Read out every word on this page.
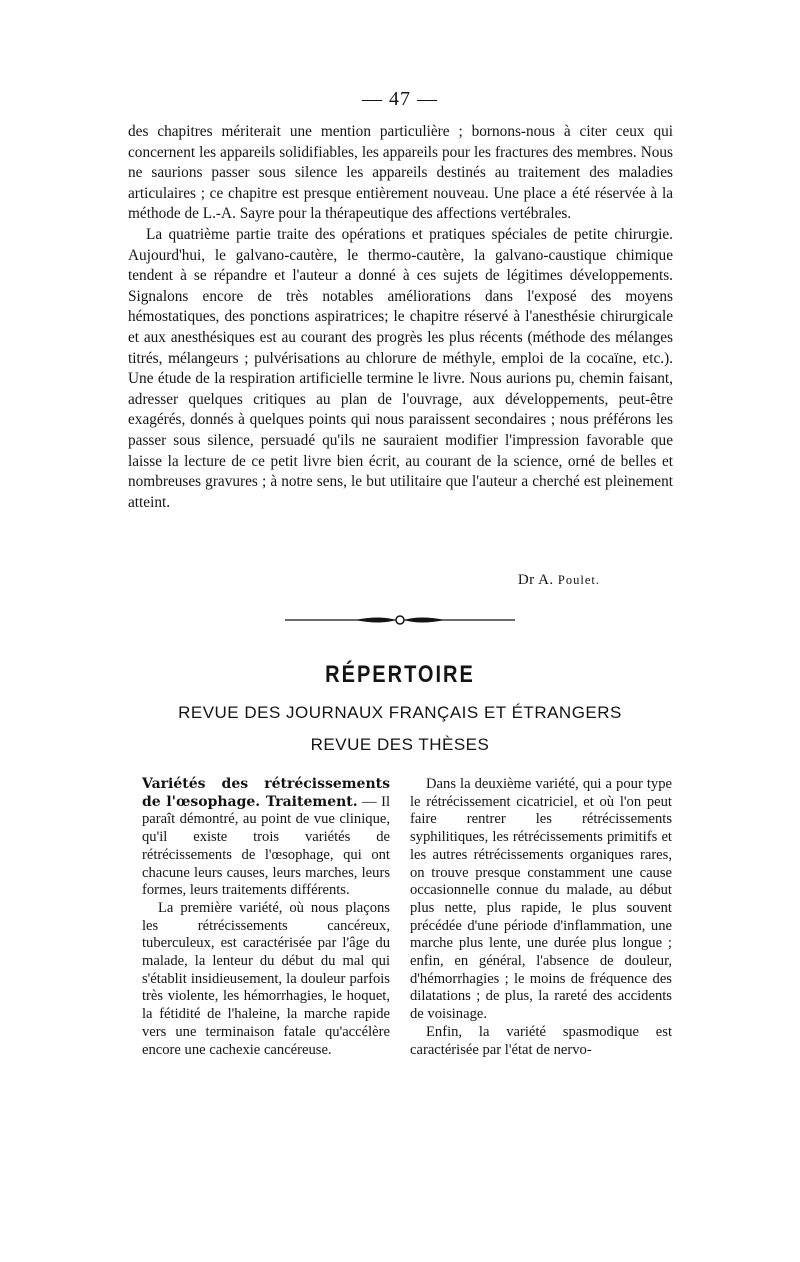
— 47 —

des chapitres mériterait une mention particulière ; bornons-nous à citer ceux qui concernent les appareils solidifiables, les appareils pour les fractures des membres. Nous ne saurions passer sous silence les appareils destinés au traitement des maladies articulaires ; ce chapitre est presque entièrement nouveau. Une place a été réservée à la méthode de L.-A. Sayre pour la thérapeutique des affections vertébrales.

La quatrième partie traite des opérations et pratiques spéciales de petite chirurgie. Aujourd'hui, le galvano-cautère, le thermo-cautère, la galvano-caustique chimique tendent à se répandre et l'auteur a donné à ces sujets de légitimes développements. Signalons encore de très notables améliorations dans l'exposé des moyens hémostatiques, des ponctions aspiratrices; le chapitre réservé à l'anesthésie chirurgicale et aux anesthésiques est au courant des progrès les plus récents (méthode des mélanges titrés, mélangeurs ; pulvérisations au chlorure de méthyle, emploi de la cocaïne, etc.). Une étude de la respiration artificielle termine le livre. Nous aurions pu, chemin faisant, adresser quelques critiques au plan de l'ouvrage, aux développements, peut-être exagérés, donnés à quelques points qui nous paraissent secondaires ; nous préférons les passer sous silence, persuadé qu'ils ne sauraient modifier l'impression favorable que laisse la lecture de ce petit livre bien écrit, au courant de la science, orné de belles et nombreuses gravures ; à notre sens, le but utilitaire que l'auteur a cherché est pleinement atteint.

Dr A. Poulet.
RÉPERTOIRE
REVUE DES JOURNAUX FRANÇAIS ET ÉTRANGERS
REVUE DES THÈSES

Variétés des rétrécissements de l'œsophage. Traitement. — Il paraît démontré, au point de vue clinique, qu'il existe trois variétés de rétrécissements de l'œsophage, qui ont chacune leurs causes, leurs marches, leurs formes, leurs traitements différents.

La première variété, où nous plaçons les rétrécissements cancéreux, tuberculeux, est caractérisée par l'âge du malade, la lenteur du début du mal qui s'établit insidieusement, la douleur parfois très violente, les hémorrhagies, le hoquet, la fétidité de l'haleine, la marche rapide vers une terminaison fatale qu'accélère encore une cachexie cancéreuse.

Dans la deuxième variété, qui a pour type le rétrécissement cicatriciel, et où l'on peut faire rentrer les rétrécissements syphilitiques, les rétrécissements primitifs et les autres rétrécissements organiques rares, on trouve presque constamment une cause occasionnelle connue du malade, au début plus nette, plus rapide, le plus souvent précédée d'une période d'inflammation, une marche plus lente, une durée plus longue ; enfin, en général, l'absence de douleur, d'hémorrhagies ; le moins de fréquence des dilatations ; de plus, la rareté des accidents de voisinage.

Enfin, la variété spasmodique est caractérisée par l'état de nervo-
